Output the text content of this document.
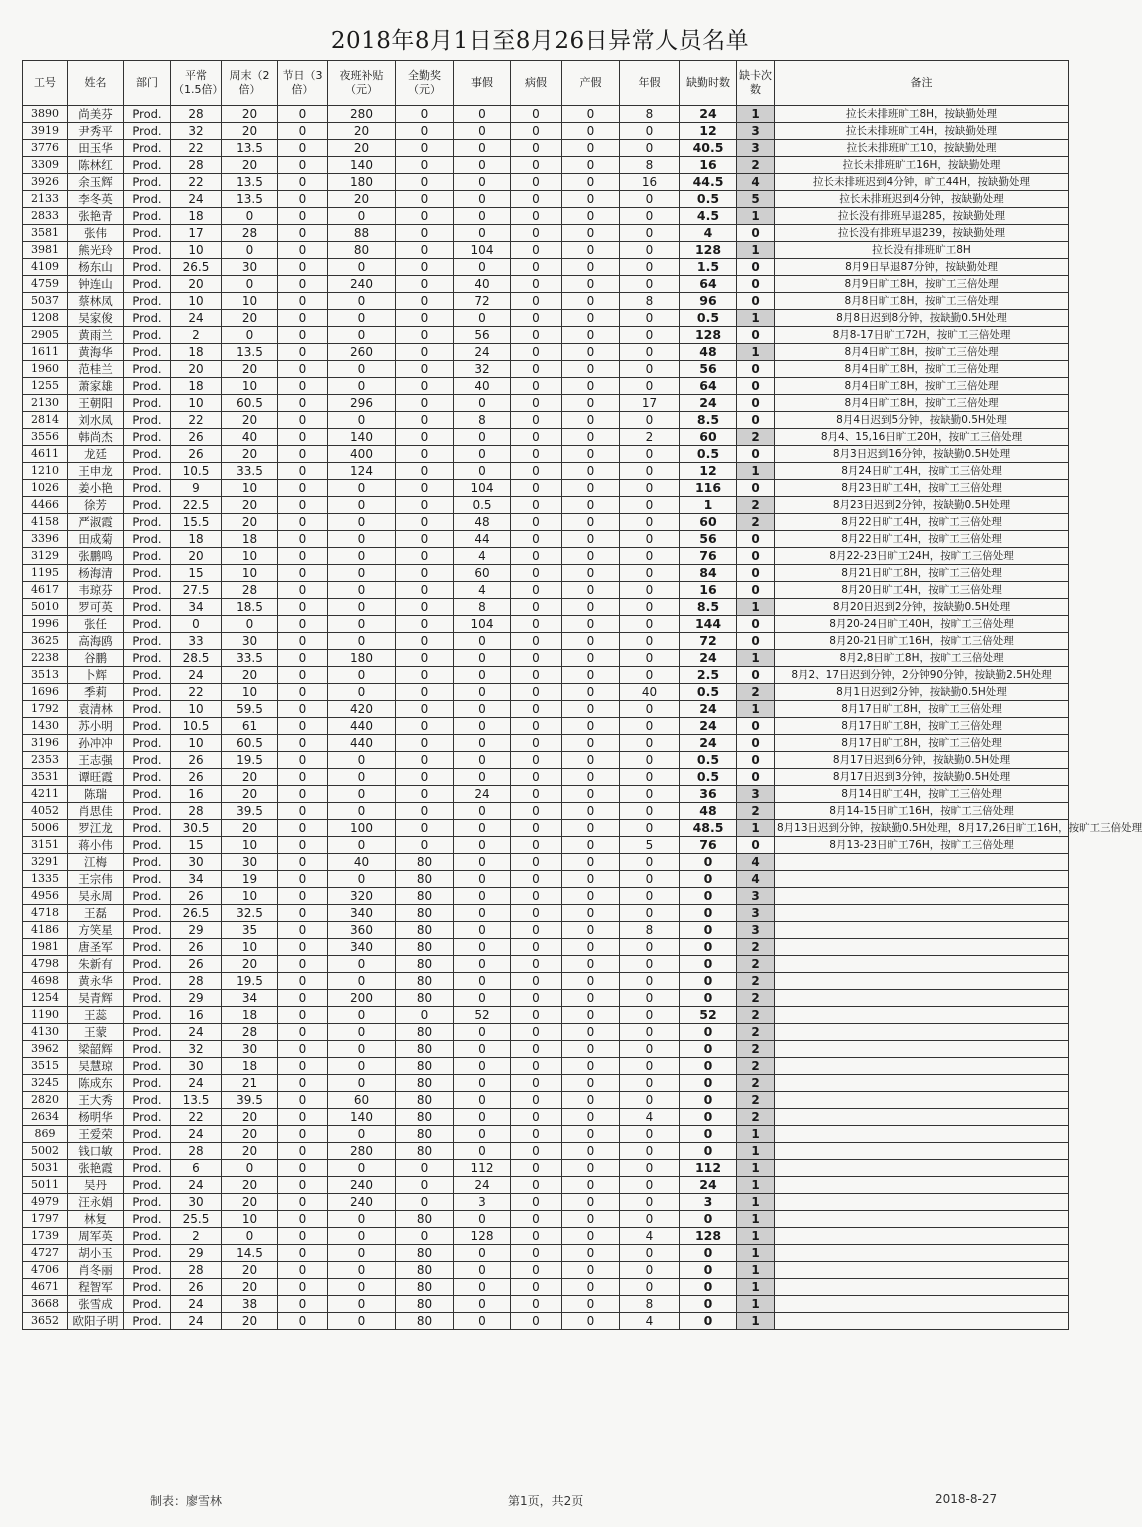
2018年8月1日至8月26日异常人员名单
工号	姓名	部门	平常（1.5倍）	周末（2倍）	节日（3倍）	夜班补贴（元）	全勤奖（元）	事假	病假	产假	年假	缺勤时数	缺卡次数	备注
3890	尚美芬	Prod.	28	20	0	280	0	0	0	0	8	24	1	拉长未排班旷工8H，按缺勤处理
3919	尹秀平	Prod.	32	20	0	20	0	0	0	0	0	12	3	拉长未排班旷工4H，按缺勤处理
3776	田玉华	Prod.	22	13.5	0	20	0	0	0	0	0	40.5	3	拉长未排班旷工10，按缺勤处理
3309	陈林红	Prod.	28	20	0	140	0	0	0	0	8	16	2	拉长未排班旷工16H，按缺勤处理
3926	余玉辉	Prod.	22	13.5	0	180	0	0	0	0	16	44.5	4	拉长未排班迟到4分钟，旷工44H，按缺勤处理
2133	李冬英	Prod.	24	13.5	0	20	0	0	0	0	0	0.5	5	拉长未排班迟到4分钟，按缺勤处理
2833	张艳青	Prod.	18	0	0	0	0	0	0	0	0	4.5	1	拉长没有排班早退285，按缺勤处理
3581	张伟	Prod.	17	28	0	88	0	0	0	0	0	4	0	拉长没有排班早退239，按缺勤处理
3981	熊光玲	Prod.	10	0	0	80	0	104	0	0	0	128	1	拉长没有排班旷工8H
4109	杨东山	Prod.	26.5	30	0	0	0	0	0	0	0	1.5	0	8月9日早退87分钟，按缺勤处理
4759	钟连山	Prod.	20	0	0	240	0	40	0	0	0	64	0	8月9日旷工8H，按旷工三倍处理
5037	蔡林凤	Prod.	10	10	0	0	0	72	0	0	8	96	0	8月8日旷工8H，按旷工三倍处理
1208	吴家俊	Prod.	24	20	0	0	0	0	0	0	0	0.5	1	8月8日迟到8分钟，按缺勤0.5H处理
2905	黄雨兰	Prod.	2	0	0	0	0	56	0	0	0	128	0	8月8-17日旷工72H，按旷工三倍处理
1611	黄海华	Prod.	18	13.5	0	260	0	24	0	0	0	48	1	8月4日旷工8H，按旷工三倍处理
1960	范桂兰	Prod.	20	20	0	0	0	32	0	0	0	56	0	8月4日旷工8H，按旷工三倍处理
1255	萧家雄	Prod.	18	10	0	0	0	40	0	0	0	64	0	8月4日旷工8H，按旷工三倍处理
2130	王朝阳	Prod.	10	60.5	0	296	0	0	0	0	17	24	0	8月4日旷工8H，按旷工三倍处理
2814	刘水凤	Prod.	22	20	0	0	0	8	0	0	0	8.5	0	8月4日迟到5分钟，按缺勤0.5H处理
3556	韩尚杰	Prod.	26	40	0	140	0	0	0	0	2	60	2	8月4、15,16日旷工20H，按旷工三倍处理
4611	龙廷	Prod.	26	20	0	400	0	0	0	0	0	0.5	0	8月3日迟到16分钟，按缺勤0.5H处理
1210	王申龙	Prod.	10.5	33.5	0	124	0	0	0	0	0	12	1	8月24日旷工4H，按旷工三倍处理
1026	姜小艳	Prod.	9	10	0	0	0	104	0	0	0	116	0	8月23日旷工4H，按旷工三倍处理
4466	徐芳	Prod.	22.5	20	0	0	0	0.5	0	0	0	1	2	8月23日迟到2分钟，按缺勤0.5H处理
4158	严淑霞	Prod.	15.5	20	0	0	0	48	0	0	0	60	2	8月22日旷工4H，按旷工三倍处理
3396	田成菊	Prod.	18	18	0	0	0	44	0	0	0	56	0	8月22日旷工4H，按旷工三倍处理
3129	张鹏鸣	Prod.	20	10	0	0	0	4	0	0	0	76	0	8月22-23日旷工24H，按旷工三倍处理
1195	杨海清	Prod.	15	10	0	0	0	60	0	0	0	84	0	8月21日旷工8H，按旷工三倍处理
4617	韦琼芬	Prod.	27.5	28	0	0	0	4	0	0	0	16	0	8月20日旷工4H，按旷工三倍处理
5010	罗可英	Prod.	34	18.5	0	0	0	8	0	0	0	8.5	1	8月20日迟到2分钟，按缺勤0.5H处理
1996	张任	Prod.	0	0	0	0	0	104	0	0	0	144	0	8月20-24日旷工40H，按旷工三倍处理
3625	高海鸥	Prod.	33	30	0	0	0	0	0	0	0	72	0	8月20-21日旷工16H，按旷工三倍处理
2238	谷鹏	Prod.	28.5	33.5	0	180	0	0	0	0	0	24	1	8月2,8日旷工8H，按旷工三倍处理
3513	卜辉	Prod.	24	20	0	0	0	0	0	0	0	2.5	0	8月2、17日迟到分钟，2分钟90分钟，按缺勤2.5H处理
1696	季莉	Prod.	22	10	0	0	0	0	0	0	40	0.5	2	8月1日迟到2分钟，按缺勤0.5H处理
1792	袁清林	Prod.	10	59.5	0	420	0	0	0	0	0	24	1	8月17日旷工8H，按旷工三倍处理
1430	苏小明	Prod.	10.5	61	0	440	0	0	0	0	0	24	0	8月17日旷工8H，按旷工三倍处理
3196	孙冲冲	Prod.	10	60.5	0	440	0	0	0	0	0	24	0	8月17日旷工8H，按旷工三倍处理
2353	王志强	Prod.	26	19.5	0	0	0	0	0	0	0	0.5	0	8月17日迟到6分钟，按缺勤0.5H处理
3531	谭旺霞	Prod.	26	20	0	0	0	0	0	0	0	0.5	0	8月17日迟到3分钟，按缺勤0.5H处理
4211	陈瑞	Prod.	16	20	0	0	0	24	0	0	0	36	3	8月14日旷工4H，按旷工三倍处理
4052	肖思佳	Prod.	28	39.5	0	0	0	0	0	0	0	48	2	8月14-15日旷工16H，按旷工三倍处理
5006	罗江龙	Prod.	30.5	20	0	100	0	0	0	0	0	48.5	1	8月13日迟到分钟，按缺勤0.5H处理，8月17,26日旷工16H，按旷工三倍处理
3151	蒋小伟	Prod.	15	10	0	0	0	0	0	0	5	76	0	8月13-23日旷工76H，按旷工三倍处理
3291	江梅	Prod.	30	30	0	40	80	0	0	0	0	0	4	
1335	王宗伟	Prod.	34	19	0	0	80	0	0	0	0	0	4	
4956	吴永周	Prod.	26	10	0	320	80	0	0	0	0	0	3	
4718	王磊	Prod.	26.5	32.5	0	340	80	0	0	0	0	0	3	
4186	方笑星	Prod.	29	35	0	360	80	0	0	0	8	0	3	
1981	唐圣军	Prod.	26	10	0	340	80	0	0	0	0	0	2	
4798	朱新有	Prod.	26	20	0	0	80	0	0	0	0	0	2	
4698	黄永华	Prod.	28	19.5	0	0	80	0	0	0	0	0	2	
1254	吴青辉	Prod.	29	34	0	200	80	0	0	0	0	0	2	
1190	王蕊	Prod.	16	18	0	0	0	52	0	0	0	52	2	
4130	王蒙	Prod.	24	28	0	0	80	0	0	0	0	0	2	
3962	梁韶辉	Prod.	32	30	0	0	80	0	0	0	0	0	2	
3515	吴慧琼	Prod.	30	18	0	0	80	0	0	0	0	0	2	
3245	陈成东	Prod.	24	21	0	0	80	0	0	0	0	0	2	
2820	王大秀	Prod.	13.5	39.5	0	60	80	0	0	0	0	0	2	
2634	杨明华	Prod.	22	20	0	140	80	0	0	0	4	0	2	
869	王爱荣	Prod.	24	20	0	0	80	0	0	0	0	0	1	
5002	钱口敏	Prod.	28	20	0	280	80	0	0	0	0	0	1	
5031	张艳霞	Prod.	6	0	0	0	0	112	0	0	0	112	1	
5011	吴丹	Prod.	24	20	0	240	0	24	0	0	0	24	1	
4979	汪永娟	Prod.	30	20	0	240	0	3	0	0	0	3	1	
1797	林复	Prod.	25.5	10	0	0	80	0	0	0	0	0	1	
1739	周军英	Prod.	2	0	0	0	0	128	0	0	4	128	1	
4727	胡小玉	Prod.	29	14.5	0	0	80	0	0	0	0	0	1	
4706	肖冬丽	Prod.	28	20	0	0	80	0	0	0	0	0	1	
4671	程智军	Prod.	26	20	0	0	80	0	0	0	0	0	1	
3668	张雪成	Prod.	24	38	0	0	80	0	0	0	8	0	1	
3652	欧阳子明	Prod.	24	20	0	0	80	0	0	0	4	0	1	
制表：廖雪林	第1页，共2页	2018-8-27
